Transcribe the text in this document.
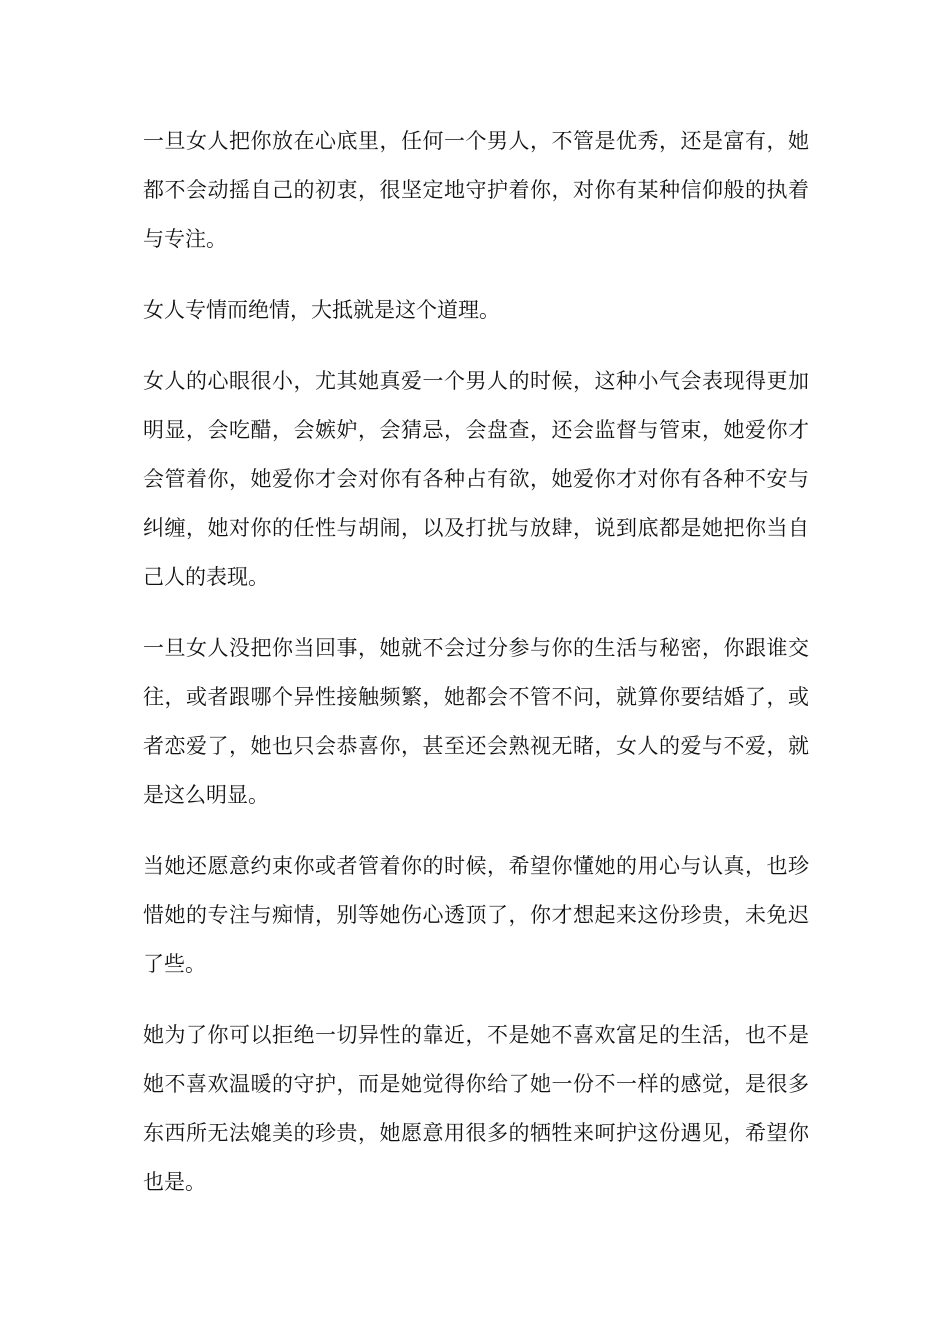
一旦女人把你放在心底里，任何一个男人，不管是优秀，还是富有，她都不会动摇自己的初衷，很坚定地守护着你，对你有某种信仰般的执着与专注。

女人专情而绝情，大抵就是这个道理。

女人的心眼很小，尤其她真爱一个男人的时候，这种小气会表现得更加明显，会吃醋，会嫉妒，会猜忌，会盘查，还会监督与管束，她爱你才会管着你，她爱你才会对你有各种占有欲，她爱你才对你有各种不安与纠缠，她对你的任性与胡闹，以及打扰与放肆，说到底都是她把你当自己人的表现。

一旦女人没把你当回事，她就不会过分参与你的生活与秘密，你跟谁交往，或者跟哪个异性接触频繁，她都会不管不问，就算你要结婚了，或者恋爱了，她也只会恭喜你，甚至还会熟视无睹，女人的爱与不爱，就是这么明显。

当她还愿意约束你或者管着你的时候，希望你懂她的用心与认真，也珍惜她的专注与痴情，别等她伤心透顶了，你才想起来这份珍贵，未免迟了些。

她为了你可以拒绝一切异性的靠近，不是她不喜欢富足的生活，也不是她不喜欢温暖的守护，而是她觉得你给了她一份不一样的感觉，是很多东西所无法媲美的珍贵，她愿意用很多的牺牲来呵护这份遇见，希望你也是。
